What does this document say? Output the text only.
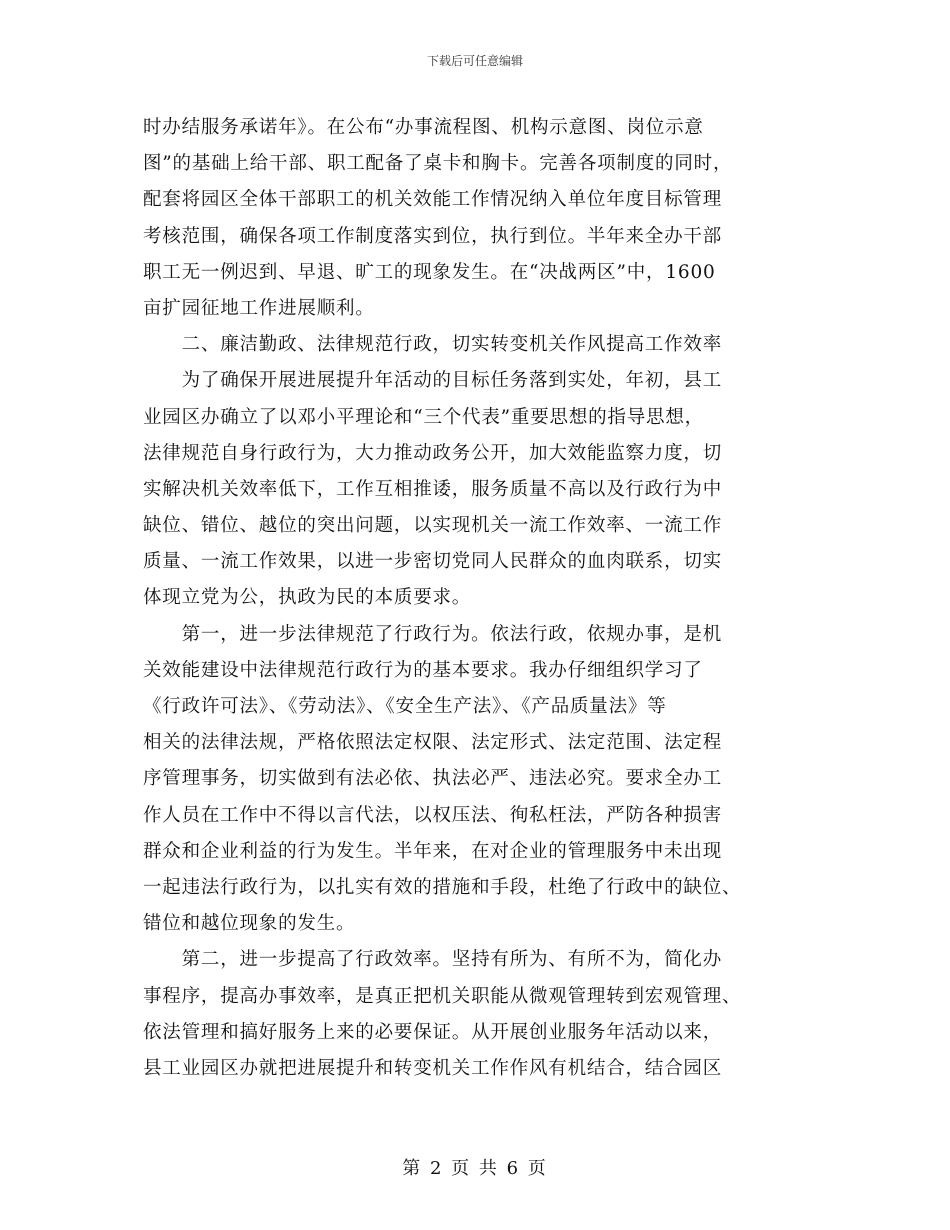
下载后可任意编辑
时办结服务承诺年》。在公布“办事流程图、机构示意图、岗位示意
图”的基础上给干部、职工配备了桌卡和胸卡。完善各项制度的同时，
配套将园区全体干部职工的机关效能工作情况纳入单位年度目标管理
考核范围，确保各项工作制度落实到位，执行到位。半年来全办干部
职工无一例迟到、早退、旷工的现象发生。在“决战两区”中，1600
亩扩园征地工作进展顺利。
　　二、廉洁勤政、法律规范行政，切实转变机关作风提高工作效率
　　为了确保开展进展提升年活动的目标任务落到实处，年初，县工
业园区办确立了以邓小平理论和“三个代表”重要思想的指导思想，
法律规范自身行政行为，大力推动政务公开，加大效能监察力度，切
实解决机关效率低下，工作互相推诿，服务质量不高以及行政行为中
缺位、错位、越位的突出问题，以实现机关一流工作效率、一流工作
质量、一流工作效果，以进一步密切党同人民群众的血肉联系，切实
体现立党为公，执政为民的本质要求。
　　第一，进一步法律规范了行政行为。依法行政，依规办事，是机
关效能建设中法律规范行政行为的基本要求。我办仔细组织学习了
《行政许可法》、《劳动法》、《安全生产法》、《产品质量法》等
相关的法律法规，严格依照法定权限、法定形式、法定范围、法定程
序管理事务，切实做到有法必依、执法必严、违法必究。要求全办工
作人员在工作中不得以言代法，以权压法、徇私枉法，严防各种损害
群众和企业利益的行为发生。半年来，在对企业的管理服务中未出现
一起违法行政行为，以扎实有效的措施和手段，杜绝了行政中的缺位、
错位和越位现象的发生。
　　第二，进一步提高了行政效率。坚持有所为、有所不为，简化办
事程序，提高办事效率，是真正把机关职能从微观管理转到宏观管理、
依法管理和搞好服务上来的必要保证。从开展创业服务年活动以来，
县工业园区办就把进展提升和转变机关工作作风有机结合，结合园区
第 2 页 共 6 页
